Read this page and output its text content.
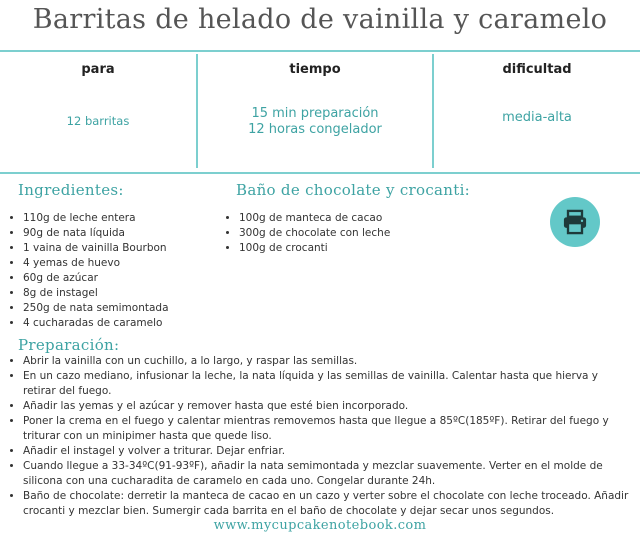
Barritas de helado de vainilla y caramelo
para
12 barritas
tiempo
15 min preparación
12 horas congelador
dificultad
media-alta
Ingredientes:
• 110g de leche entera
• 90g de nata líquida
• 1 vaina de vainilla Bourbon
• 4 yemas de huevo
• 60g de azúcar
• 8g de instagel
• 250g de nata semimontada
• 4 cucharadas de caramelo
Baño de chocolate y crocanti:
• 100g de manteca de cacao
• 300g de chocolate con leche
• 100g de crocanti
Preparación:
• Abrir la vainilla con un cuchillo, a lo largo, y raspar las semillas.
• En un cazo mediano, infusionar la leche, la nata líquida y las semillas de vainilla. Calentar hasta que hierva y retirar del fuego.
• Añadir las yemas y el azúcar y remover hasta que esté bien incorporado.
• Poner la crema en el fuego y calentar mientras removemos hasta que llegue a 85ºC(185ºF). Retirar del fuego y triturar con un minipimer hasta que quede liso.
• Añadir el instagel y volver a triturar. Dejar enfriar.
• Cuando llegue a 33-34ºC(91-93ºF), añadir la nata semimontada y mezclar suavemente. Verter en el molde de silicona con una cucharadita de caramelo en cada uno. Congelar durante 24h.
• Baño de chocolate: derretir la manteca de cacao en un cazo y verter sobre el chocolate con leche troceado. Añadir crocanti y mezclar bien. Sumergir cada barrita en el baño de chocolate y dejar secar unos segundos.
www.mycupcakenotebook.com
